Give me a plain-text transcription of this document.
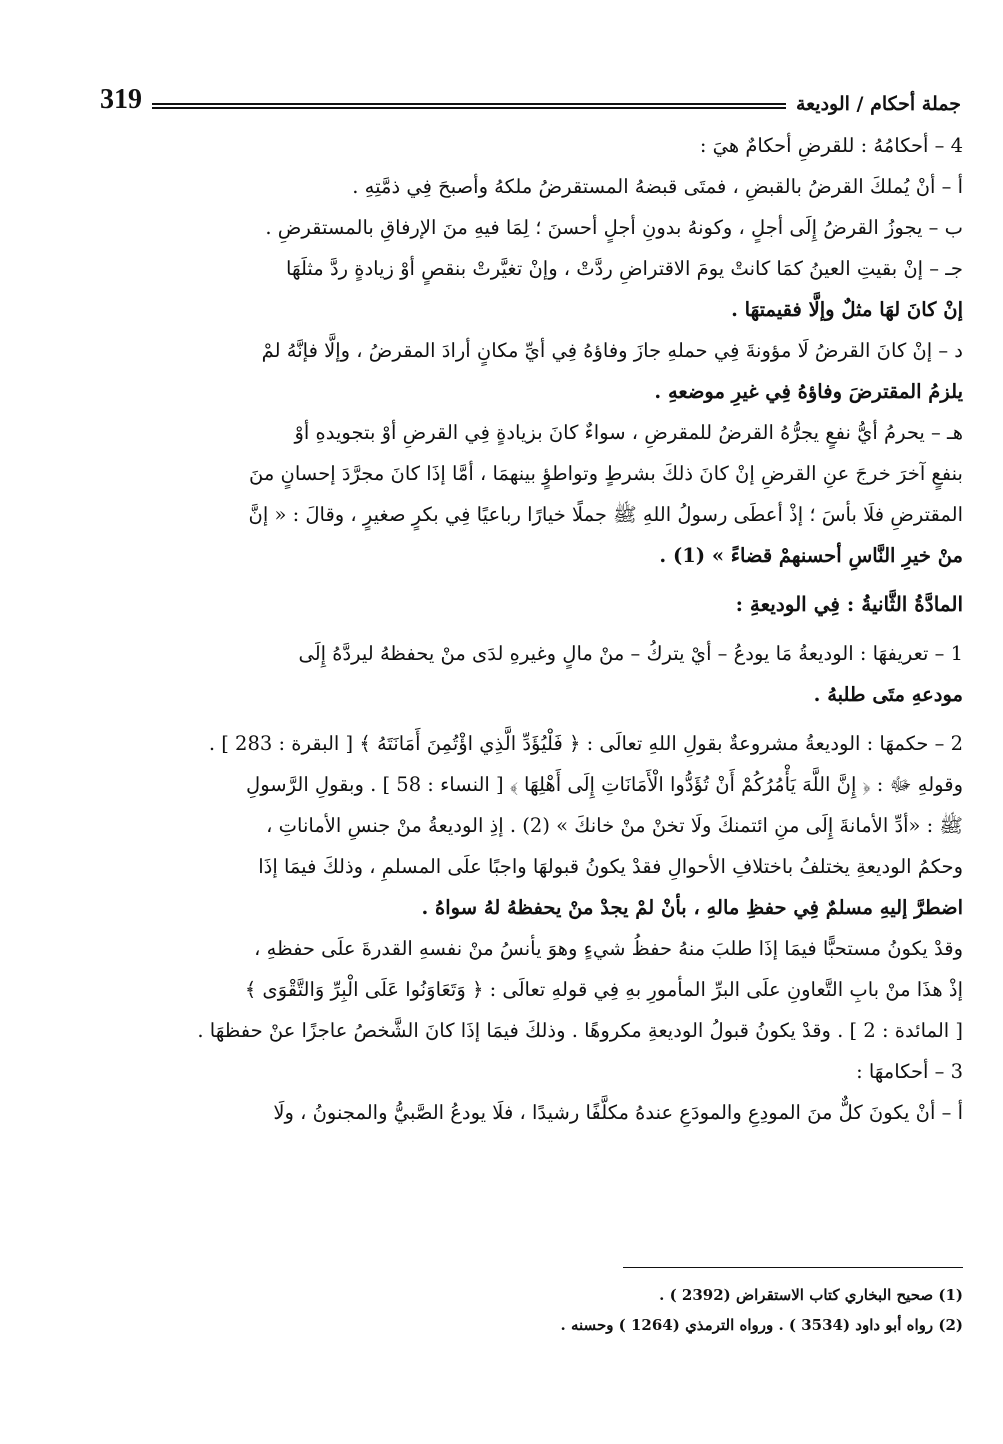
319	جملة أحكام / الوديعة
4 – أحكامُهُ : للقرضِ أحكامٌ هيَ :
أ – أنْ يُملكَ القرضُ بالقبضِ ، فمتَى قبضهُ المستقرضُ ملكهُ وأصبحَ فِي ذمَّتِهِ .
ب – يجوزُ القرضُ إِلَى أجلٍ ، وكونهُ بدونِ أجلٍ أحسنَ ؛ لِمَا فيهِ منَ الإرفاقِ بالمستقرضِ .
جـ – إنْ بقيتِ العينُ كمَا كانتْ يومَ الاقتراضِ ردَّتْ ، وإنْ تغيَّرتْ بنقصٍ أوْ زيادةٍ ردَّ مثلَهَا
إنْ كانَ لهَا مثلٌ وإلَّا فقيمتهَا .
د – إنْ كانَ القرضُ لَا مؤونةَ فِي حملهِ جازَ وفاؤهُ فِي أيِّ مكانٍ أرادَ المقرضُ ، وإلَّا فإنَّهُ لمْ
يلزمُ المقترضَ وفاؤهُ فِي غيرِ موضعهِ .
هـ – يحرمُ أيُّ نفعٍ يجرُّهُ القرضُ للمقرضِ ، سواءٌ كانَ بزيادةٍ فِي القرضِ أوْ بتجويدهِ أوْ
بنفعٍ آخرَ خرجَ عنِ القرضِ إنْ كانَ ذلكَ بشرطٍ وتواطؤٍ بينهمَا ، أمَّا إذَا كانَ مجرَّدَ إحسانٍ منَ
المقترضِ فلَا بأسَ ؛ إذْ أعطَى رسولُ اللهِ ﷺ جملًا خيارًا رباعيًا فِي بكرٍ صغيرٍ ، وقالَ : « إنَّ
منْ خيرِ النَّاسِ أحسنهمْ قضاءً » (1) .
المادَّةُ الثَّانيةُ : فِي الوديعةِ :
1 – تعريفهَا : الوديعةُ مَا يودعُ – أيْ يتركُ – منْ مالٍ وغيرهِ لدَى منْ يحفظهُ ليردَّهُ إِلَى
مودعهِ متَى طلبهُ .
2 – حكمهَا : الوديعةُ مشروعةٌ بقولِ اللهِ تعالَى : ﴿ فَلْيُؤَدِّ الَّذِي اؤْتُمِنَ أَمَانَتَهُ ﴾ [ البقرة : 283 ] .
وقولهِ ﷻ : ﴿ إِنَّ اللَّهَ يَأْمُرُكُمْ أَنْ تُؤَدُّوا الْأَمَانَاتِ إِلَى أَهْلِهَا ﴾ [ النساء : 58 ] . وبقولِ الرَّسولِ
ﷺ : «أدِّ الأمانةَ إِلَى منِ ائتمنكَ ولَا تخنْ منْ خانكَ » (2) . إذِ الوديعةُ منْ جنسِ الأماناتِ ،
وحكمُ الوديعةِ يختلفُ باختلافِ الأحوالِ فقدْ يكونُ قبولهَا واجبًا علَى المسلمِ ، وذلكَ فيمَا إذَا
اضطرَّ إليهِ مسلمٌ فِي حفظِ مالهِ ، بأنْ لمْ يجدْ منْ يحفظهُ لهُ سواهُ .
وقدْ يكونُ مستحبًّا فيمَا إذَا طلبَ منهُ حفظُ شيءٍ وهوَ يأنسُ منْ نفسهِ القدرةَ علَى حفظهِ ،
إذْ هذَا منْ بابِ التَّعاونِ علَى البرِّ المأمورِ بهِ فِي قولهِ تعالَى : ﴿ وَتَعَاوَنُوا عَلَى الْبِرِّ وَالتَّقْوَى ﴾
[ المائدة : 2 ] . وقدْ يكونُ قبولُ الوديعةِ مكروهًا . وذلكَ فيمَا إذَا كانَ الشَّخصُ عاجزًا عنْ حفظهَا .
3 – أحكامهَا :
أ – أنْ يكونَ كلٌّ منَ المودِعِ والمودَعِ عندهُ مكلَّفًا رشيدًا ، فلَا يودعُ الصَّبيُّ والمجنونُ ، ولَا
(1) صحيح البخاري كتاب الاستقراض (2392 ) .
(2) رواه أبو داود (3534 ) . ورواه الترمذي (1264 ) وحسنه .
